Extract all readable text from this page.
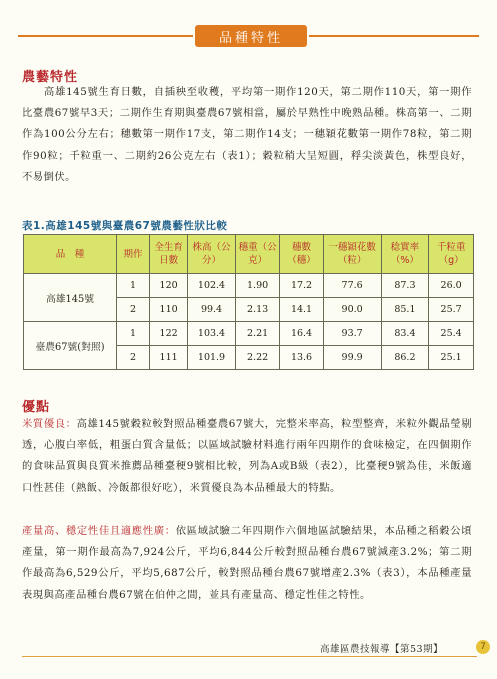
品種特性
農藝特性
　　高雄145號生育日數，自插秧至收穫，平均第一期作120天，第二期作110天，第一期作比臺農67號早3天；二期作生育期與臺農67號相當，屬於早熟性中晚熟品種。株高第一、二期作為100公分左右；穗數第一期作17支，第二期作14支；一穗穎花數第一期作78粒，第二期作90粒；千粒重一、二期約26公克左右（表1）；穀粒稍大呈短圓，稃尖淡黃色，株型良好，不易倒伏。
表1.高雄145號與臺農67號農藝性狀比較
品　種	期作	全生育日數	株高（公分）	穗重（公克）	穗數（穗）	一穗穎花數（粒）	稔實率（%）	千粒重（g）
高雄145號	1	120	102.4	1.90	17.2	77.6	87.3	26.0
	2	110	99.4	2.13	14.1	90.0	85.1	25.7
臺農67號(對照)	1	122	103.4	2.21	16.4	93.7	83.4	25.4
	2	111	101.9	2.22	13.6	99.9	86.2	25.1
優點
米質優良：高雄145號穀粒較對照品種臺農67號大，完整米率高，粒型整齊，米粒外觀晶瑩剔透，心腹白率低，粗蛋白質含量低；以區域試驗材料進行兩年四期作的食味檢定，在四個期作的食味品質與良質米推薦品種臺稉9號相比較，列為A或B級（表2），比臺稉9號為佳，米飯適口性甚佳（熱飯、冷飯都很好吃），米質優良為本品種最大的特點。
產量高、穩定性佳且適應性廣：依區域試驗二年四期作六個地區試驗結果，本品種之稻穀公頃產量，第一期作最高為7,924公斤，平均6,844公斤較對照品種台農67號減產3.2%；第二期作最高為6,529公斤，平均5,687公斤，較對照品種台農67號增產2.3%（表3），本品種產量表現與高產品種台農67號在伯仲之間，並具有產量高、穩定性佳之特性。
高雄區農技報導【第53期】	7
